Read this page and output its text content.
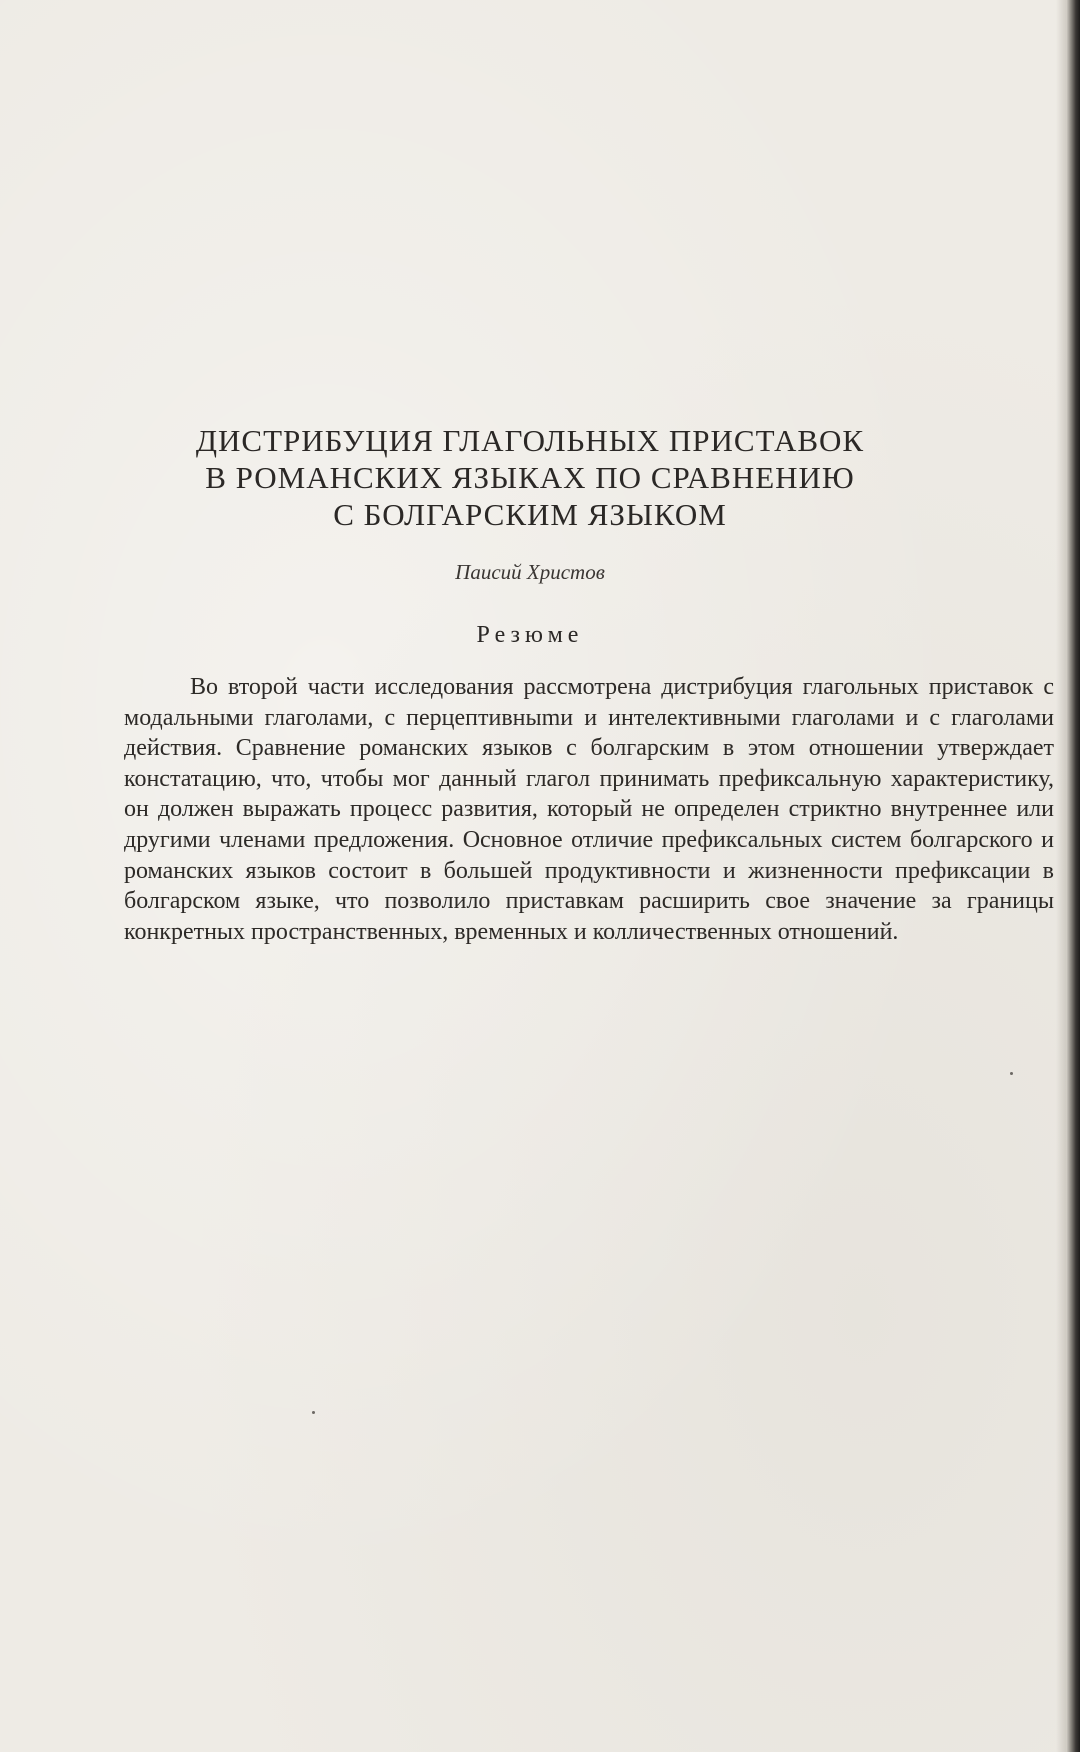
ДИСТРИБУЦИЯ ГЛАГОЛЬНЫХ ПРИСТАВОК
В РОМАНСКИХ ЯЗЫКАХ ПО СРАВНЕНИЮ
С БОЛГАРСКИМ ЯЗЫКОМ
Паисий Христов
Резюме

Во второй части исследования рассмотрена дистрибуция глагольных приставок с модальными глаголами, с перцептивныmи и интелективными глаголами и с глаголами действия. Сравнение романских языков с болгарским в этом отношении утверждает констатацию, что, чтобы мог данный глагол принимать префиксальную характеристику, он должен выражать процесс развития, который не определен стриктно внутреннее или другими членами предложения. Основное отличие префиксальных систем болгарского и романских языков состоит в большей продуктивности и жизненности префиксации в болгарском языке, что позволило приставкам расширить свое значение за границы конкретных пространственных, временных и колличественных отношений.
